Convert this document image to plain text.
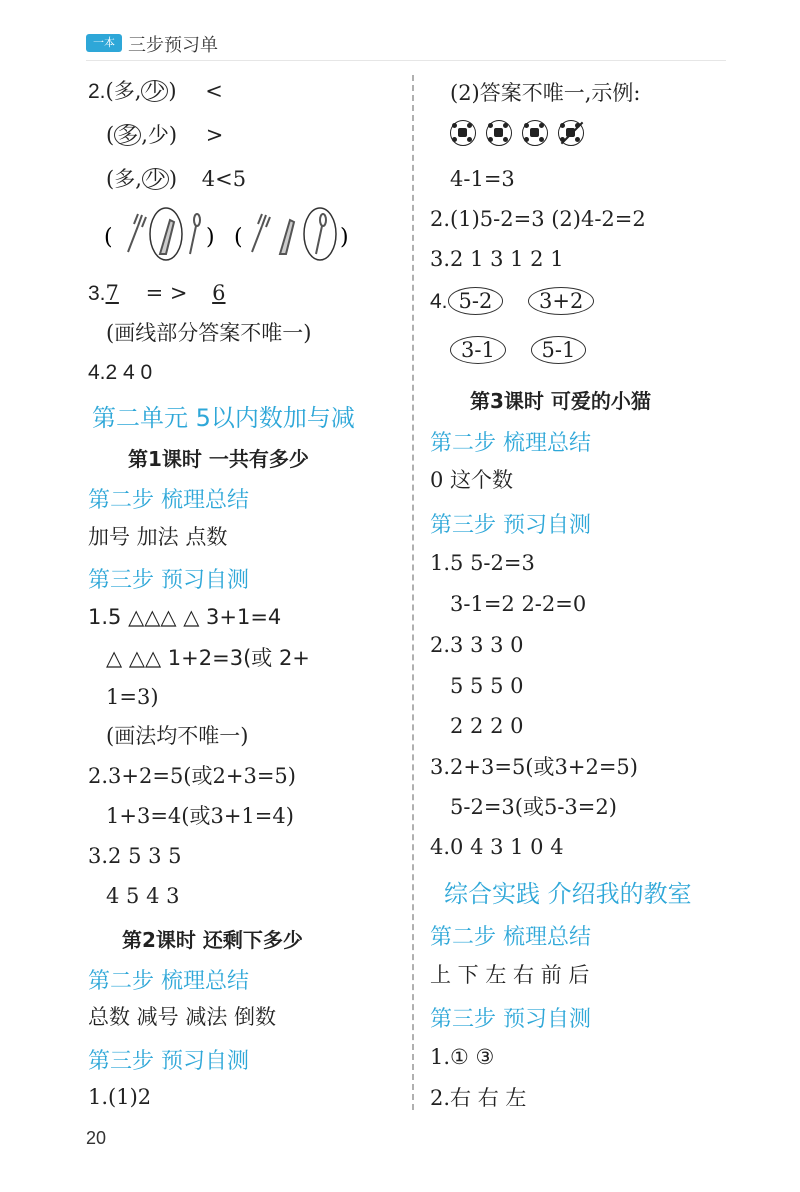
一本 三步预习单
2.(多, 少 ) <
( 多 ,少) >
(多, 少 ) 4<5
(	) (	)
3.7 = > 6
(画线部分答案不唯一)
4.2 4 0
第二单元 5以内数加与减
第1课时 一共有多少
第二步 梳理总结
加号 加法 点数
第三步 预习自测
1.5 △△△ △ 3+1=4
△ △△ 1+2=3(或 2+
1=3)
(画法均不唯一)
2.3+2=5(或2+3=5)
1+3=4(或3+1=4)
3.2 5 3 5
4 5 4 3
第2课时 还剩下多少
第二步 梳理总结
总数 减号 减法 倒数
第三步 预习自测
1.(1)2
(2)答案不唯一,示例:

4-1=3
2.(1)5-2=3 (2)4-2=2
3.2 1 3 1 2 1
4. 5-2 3+2
3-1 5-1
第3课时 可爱的小猫
第二步 梳理总结
0 这个数
第三步 预习自测
1.5 5-2=3
3-1=2 2-2=0
2.3 3 3 0
5 5 5 0
2 2 2 0
3.2+3=5(或3+2=5)
5-2=3(或5-3=2)
4.0 4 3 1 0 4
综合实践 介绍我的教室
第二步 梳理总结
上 下 左 右 前 后
第三步 预习自测
1.① ③
2.右 右 左
20
